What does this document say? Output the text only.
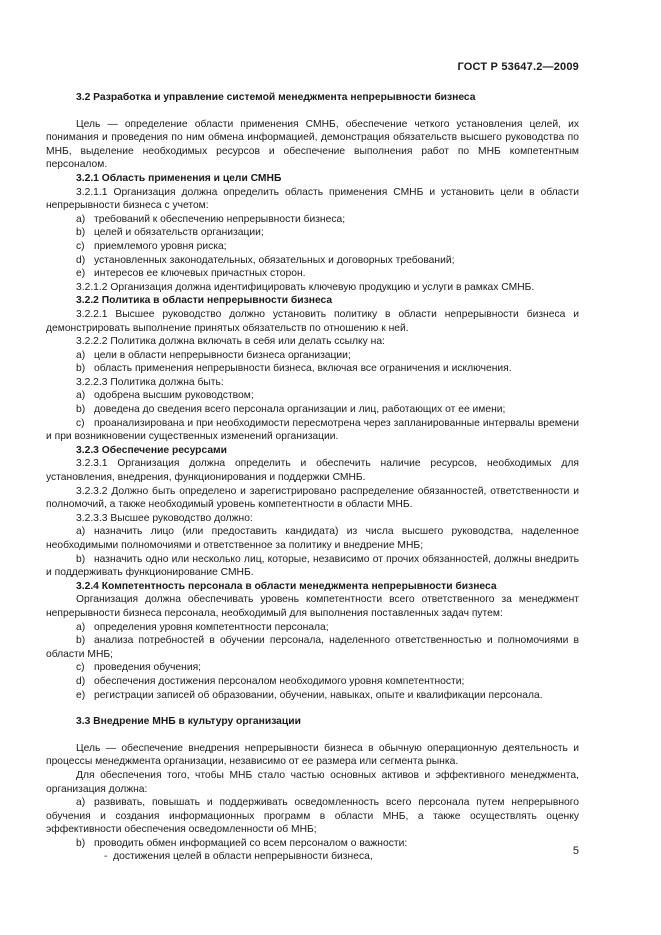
ГОСТ Р 53647.2—2009

3.2 Разработка и управление системой менеджмента непрерывности бизнеса

Цель — определение области применения СМНБ, обеспечение четкого установления целей, их понимания и проведения по ним обмена информацией, демонстрация обязательств высшего руководства по МНБ, выделение необходимых ресурсов и обеспечение выполнения работ по МНБ компетентным персоналом.

3.2.1 Область применения и цели СМНБ

3.2.1.1 Организация должна определить область применения СМНБ и установить цели в области непрерывности бизнеса с учетом:

a) требований к обеспечению непрерывности бизнеса;

b) целей и обязательств организации;

c) приемлемого уровня риска;

d) установленных законодательных, обязательных и договорных требований;

e) интересов ее ключевых причастных сторон.

3.2.1.2 Организация должна идентифицировать ключевую продукцию и услуги в рамках СМНБ.

3.2.2 Политика в области непрерывности бизнеса

3.2.2.1 Высшее руководство должно установить политику в области непрерывности бизнеса и демонстрировать выполнение принятых обязательств по отношению к ней.

3.2.2.2 Политика должна включать в себя или делать ссылку на:

a) цели в области непрерывности бизнеса организации;

b) область применения непрерывности бизнеса, включая все ограничения и исключения.

3.2.2.3 Политика должна быть:

a) одобрена высшим руководством;

b) доведена до сведения всего персонала организации и лиц, работающих от ее имени;

c) проанализирована и при необходимости пересмотрена через запланированные интервалы времени и при возникновении существенных изменений организации.

3.2.3 Обеспечение ресурсами

3.2.3.1 Организация должна определить и обеспечить наличие ресурсов, необходимых для установления, внедрения, функционирования и поддержки СМНБ.

3.2.3.2 Должно быть определено и зарегистрировано распределение обязанностей, ответственности и полномочий, а также необходимый уровень компетентности в области МНБ.

3.2.3.3 Высшее руководство должно:

a) назначить лицо (или предоставить кандидата) из числа высшего руководства, наделенное необходимыми полномочиями и ответственное за политику и внедрение МНБ;

b) назначить одно или несколько лиц, которые, независимо от прочих обязанностей, должны внедрить и поддерживать функционирование СМНБ.

3.2.4 Компетентность персонала в области менеджмента непрерывности бизнеса

Организация должна обеспечивать уровень компетентности всего ответственного за менеджмент непрерывности бизнеса персонала, необходимый для выполнения поставленных задач путем:

a) определения уровня компетентности персонала;

b) анализа потребностей в обучении персонала, наделенного ответственностью и полномочиями в области МНБ;

c) проведения обучения;

d) обеспечения достижения персоналом необходимого уровня компетентности;

e) регистрации записей об образовании, обучении, навыках, опыте и квалификации персонала.

3.3 Внедрение МНБ в культуру организации

Цель — обеспечение внедрения непрерывности бизнеса в обычную операционную деятельность и процессы менеджмента организации, независимо от ее размера или сегмента рынка.

Для обеспечения того, чтобы МНБ стало частью основных активов и эффективного менеджмента, организация должна:

a) развивать, повышать и поддерживать осведомленность всего персонала путем непрерывного обучения и создания информационных программ в области МНБ, а также осуществлять оценку эффективности обеспечения осведомленности об МНБ;

b) проводить обмен информацией со всем персоналом о важности:

- достижения целей в области непрерывности бизнеса,	5
